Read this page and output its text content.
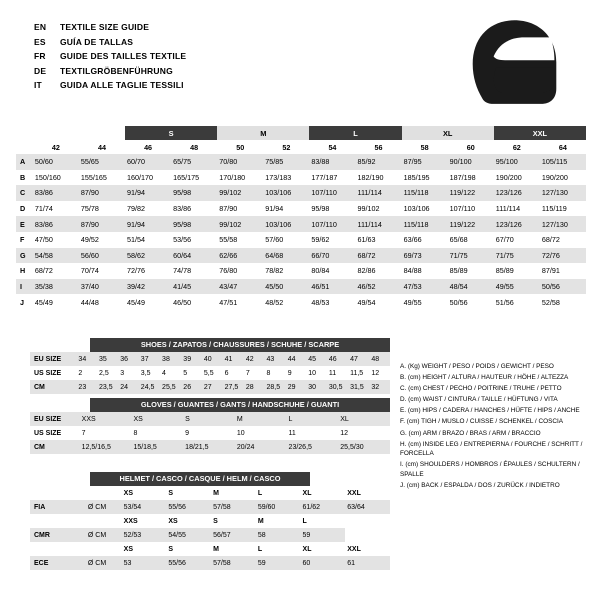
EN	TEXTILE SIZE GUIDE
ES	GUÍA DE TALLAS
FR	GUIDE DES TAILLES TEXTILE
DE	TEXTILGRÖBENFÜHRUNG
IT	GUIDA ALLE TAGLIE TESSILI
			S		M		L		XL		XXL	
	42	44	46	48	50	52	54	56	58	60	62	64
A	50/60	55/65	60/70	65/75	70/80	75/85	83/88	85/92	87/95	90/100	95/100	105/115
B	150/160	155/165	160/170	165/175	170/180	173/183	177/187	182/190	185/195	187/198	190/200	190/200
C	83/86	87/90	91/94	95/98	99/102	103/106	107/110	111/114	115/118	119/122	123/126	127/130
D	71/74	75/78	79/82	83/86	87/90	91/94	95/98	99/102	103/106	107/110	111/114	115/119
E	83/86	87/90	91/94	95/98	99/102	103/106	107/110	111/114	115/118	119/122	123/126	127/130
F	47/50	49/52	51/54	53/56	55/58	57/60	59/62	61/63	63/66	65/68	67/70	68/72
G	54/58	56/60	58/62	60/64	62/66	64/68	66/70	68/72	69/73	71/75	71/75	72/76
H	68/72	70/74	72/76	74/78	76/80	78/82	80/84	82/86	84/88	85/89	85/89	87/91
I	35/38	37/40	39/42	41/45	43/47	45/50	46/51	46/52	47/53	48/54	49/55	50/56
J	45/49	44/48	45/49	46/50	47/51	48/52	48/53	49/54	49/55	50/56	51/56	52/58
SHOES / ZAPATOS / CHAUSSURES / SCHUHE / SCARPE
EU SIZE	34	35	36	37	38	39	40	41	42	43	44	45	46	47	48
US SIZE	2	2,5	3	3,5	4	5	5,5	6	7	8	9	10	11	11,5	12
CM	23	23,5	24	24,5	25,5	26	27	27,5	28	28,5	29	30	30,5	31,5	32
GLOVES / GUANTES / GANTS / HANDSCHUHE / GUANTI
EU SIZE	XXS	XS	S	M	L	XL
US SIZE	7	8	9	10	11	12
CM	12,5/16,5	15/18,5	18/21,5	20/24	23/26,5	25,5/30
HELMET / CASCO / CASQUE / HELM / CASCO
		XS	S	M	L	XL	XXL
FIA	Ø CM	53/54	55/56	57/58	59/60	61/62	63/64
		XXS	XS	S	M	L	
CMR	Ø CM	52/53	54/55	56/57	58	59	
		XS	S	M	L	XL	XXL
ECE	Ø CM	53	55/56	57/58	59	60	61
A. (Kg) WEIGHT / PESO / POIDS / GEWICHT / PESO
B. (cm) HEIGHT / ALTURA / HAUTEUR / HÖHE / ALTEZZA
C. (cm) CHEST / PECHO / POITRINE / TRUHE / PETTO
D. (cm) WAIST / CINTURA / TAILLE / HÜFTUNG / VITA
E. (cm) HIPS / CADERA / HANCHES / HÜFTE / HIPS / ANCHE
F. (cm) TIGH / MUSLO / CUISSE / SCHENKEL / COSCIA
G. (cm) ARM / BRAZO / BRAS / ARM / BRACCIO
H. (cm) INSIDE LEG / ENTREPIERNA / FOURCHE / SCHRITT / FORCELLA
I. (cm) SHOULDERS / HOMBROS / ÉPAULES / SCHULTERN / SPALLE
J. (cm) BACK / ESPALDA / DOS / ZURÜCK / INDIETRO
